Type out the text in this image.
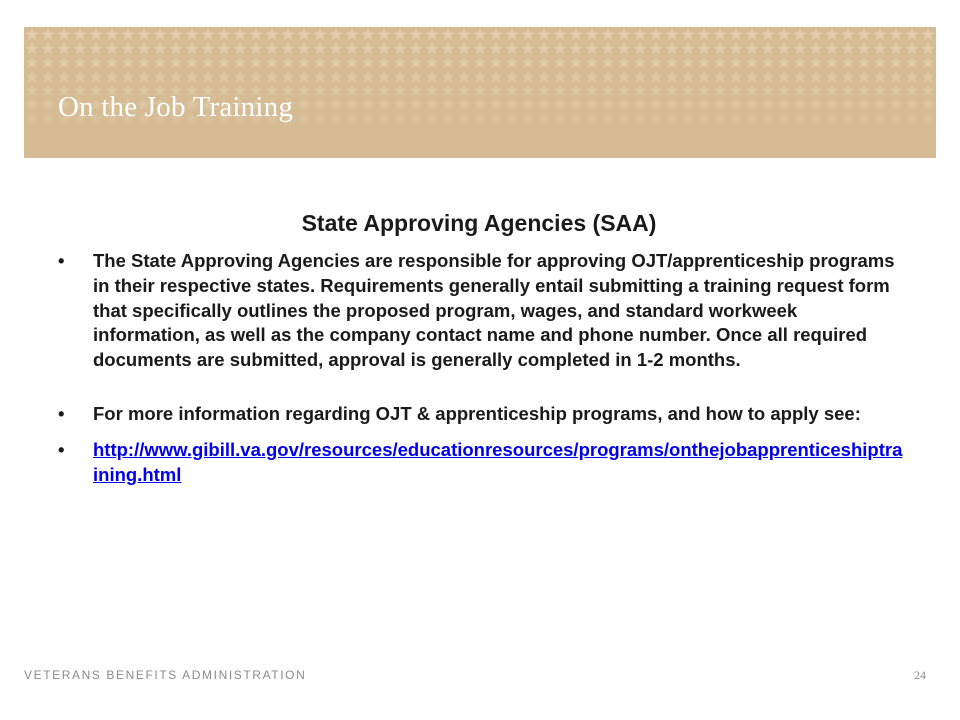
On the Job Training
State Approving Agencies (SAA)
• The State Approving Agencies are responsible for approving OJT/apprenticeship programs in their respective states. Requirements generally entail submitting a training request form that specifically outlines the proposed program, wages, and standard workweek information, as well as the company contact name and phone number. Once all required documents are submitted, approval is generally completed in 1-2 months.
• For more information regarding OJT & apprenticeship programs, and how to apply see:
• http://www.gibill.va.gov/resources/educationresources/programs/onthejobapprenticeshiptraining.html
VETERANS BENEFITS ADMINISTRATION	24
